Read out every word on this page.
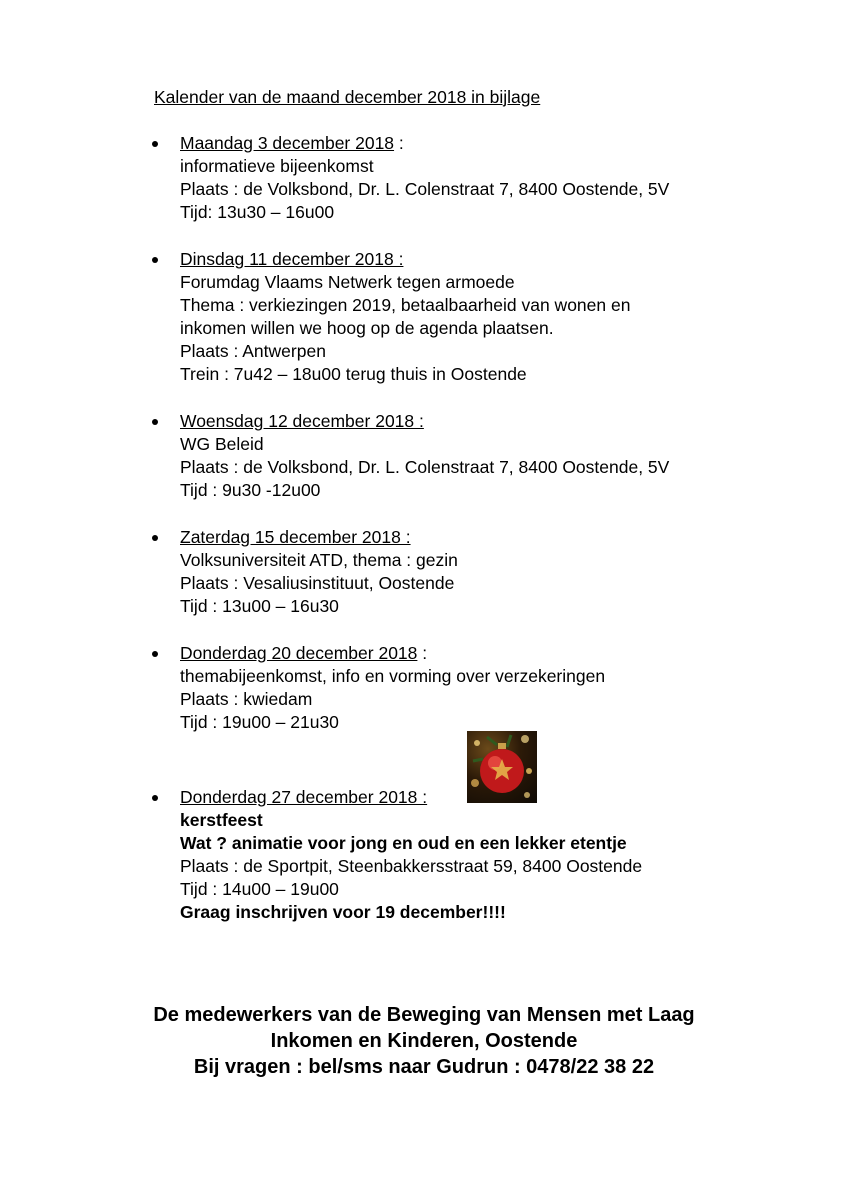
Kalender van de maand december 2018 in bijlage
Maandag 3 december 2018 :
informatieve bijeenkomst
Plaats : de Volksbond, Dr. L. Colenstraat 7, 8400 Oostende, 5V
Tijd: 13u30 – 16u00
Dinsdag 11 december 2018 :
Forumdag Vlaams Netwerk tegen armoede
Thema : verkiezingen 2019, betaalbaarheid van wonen en
inkomen willen we hoog op de agenda plaatsen.
Plaats : Antwerpen
Trein : 7u42 – 18u00 terug thuis in Oostende
Woensdag 12 december 2018 :
WG Beleid
Plaats : de Volksbond, Dr. L. Colenstraat 7, 8400 Oostende, 5V
Tijd : 9u30 -12u00
Zaterdag 15 december 2018 :
Volksuniversiteit ATD, thema : gezin
Plaats : Vesaliusinstituut, Oostende
Tijd : 13u00 – 16u30
Donderdag 20 december 2018 :
themabijeenkomst, info en vorming over verzekeringen
Plaats : kwiedam
Tijd : 19u00 – 21u30
Donderdag 27 december 2018 :
kerstfeest
Wat ? animatie voor jong en oud en een lekker etentje
Plaats : de Sportpit, Steenbakkersstraat 59, 8400 Oostende
Tijd : 14u00 – 19u00
Graag inschrijven voor 19 december!!!!
De medewerkers van de Beweging van Mensen met Laag
Inkomen en Kinderen, Oostende
Bij vragen : bel/sms naar Gudrun : 0478/22 38 22
